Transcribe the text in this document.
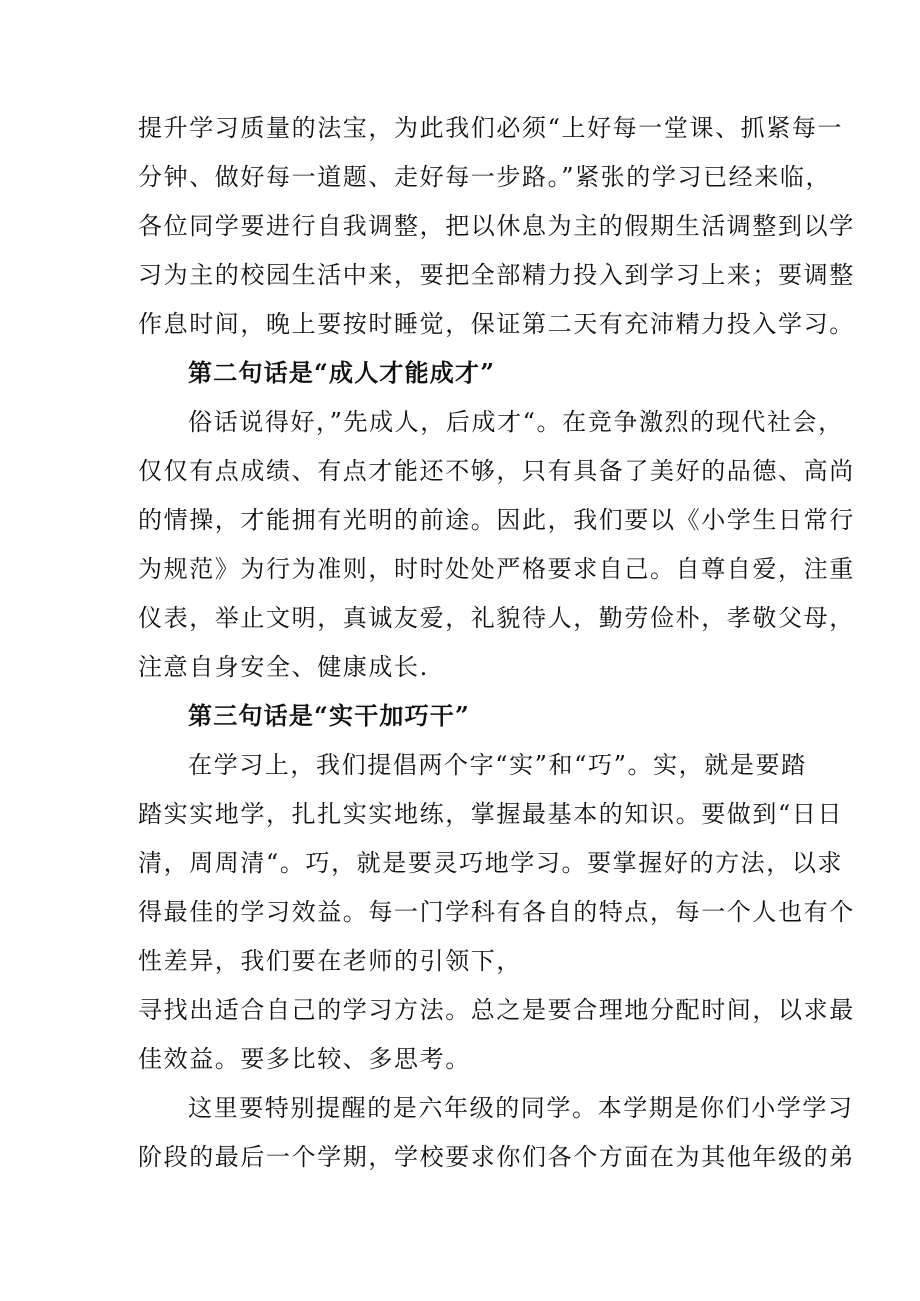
提升学习质量的法宝，为此我们必须“上好每一堂课、抓紧每一
分钟、做好每一道题、走好每一步路。”紧张的学习已经来临，
各位同学要进行自我调整，把以休息为主的假期生活调整到以学
习为主的校园生活中来，要把全部精力投入到学习上来；要调整
作息时间，晚上要按时睡觉，保证第二天有充沛精力投入学习。
第二句话是“成人才能成才”
俗话说得好，”先成人，后成才“。在竞争激烈的现代社会，
仅仅有点成绩、有点才能还不够，只有具备了美好的品德、高尚
的情操，才能拥有光明的前途。因此，我们要以《小学生日常行
为规范》为行为准则，时时处处严格要求自己。自尊自爱，注重
仪表，举止文明，真诚友爱，礼貌待人，勤劳俭朴，孝敬父母，
注意自身安全、健康成长.
第三句话是“实干加巧干”
在学习上，我们提倡两个字“实”和“巧”。实，就是要踏
踏实实地学，扎扎实实地练，掌握最基本的知识。要做到“日日
清，周周清“。巧，就是要灵巧地学习。要掌握好的方法，以求
得最佳的学习效益。每一门学科有各自的特点，每一个人也有个
性差异，我们要在老师的引领下，
寻找出适合自己的学习方法。总之是要合理地分配时间，以求最
佳效益。要多比较、多思考。
这里要特别提醒的是六年级的同学。本学期是你们小学学习
阶段的最后一个学期，学校要求你们各个方面在为其他年级的弟
